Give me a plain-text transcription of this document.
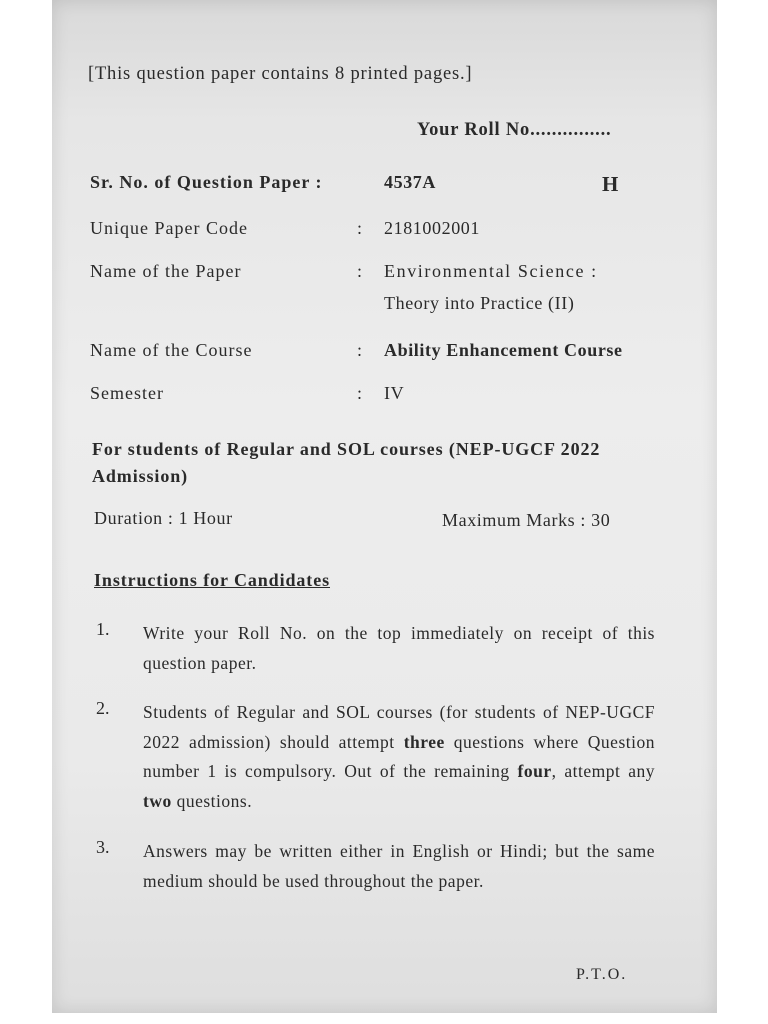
[This question paper contains 8 printed pages.]
Your Roll No...............
Sr. No. of Question Paper :	4537A	H
Unique Paper Code	: 2181002001
Name of the Paper	: Environmental Science :
Theory into Practice (II)
Name of the Course	: Ability Enhancement Course
Semester	: IV
For students of Regular and SOL courses (NEP-UGCF 2022 Admission)
Duration : 1 Hour	Maximum Marks : 30
Instructions for Candidates
1. Write your Roll No. on the top immediately on receipt of this question paper.
2. Students of Regular and SOL courses (for students of NEP-UGCF 2022 admission) should attempt three questions where Question number 1 is compulsory. Out of the remaining four, attempt any two questions.
3. Answers may be written either in English or Hindi; but the same medium should be used throughout the paper.
P.T.O.
